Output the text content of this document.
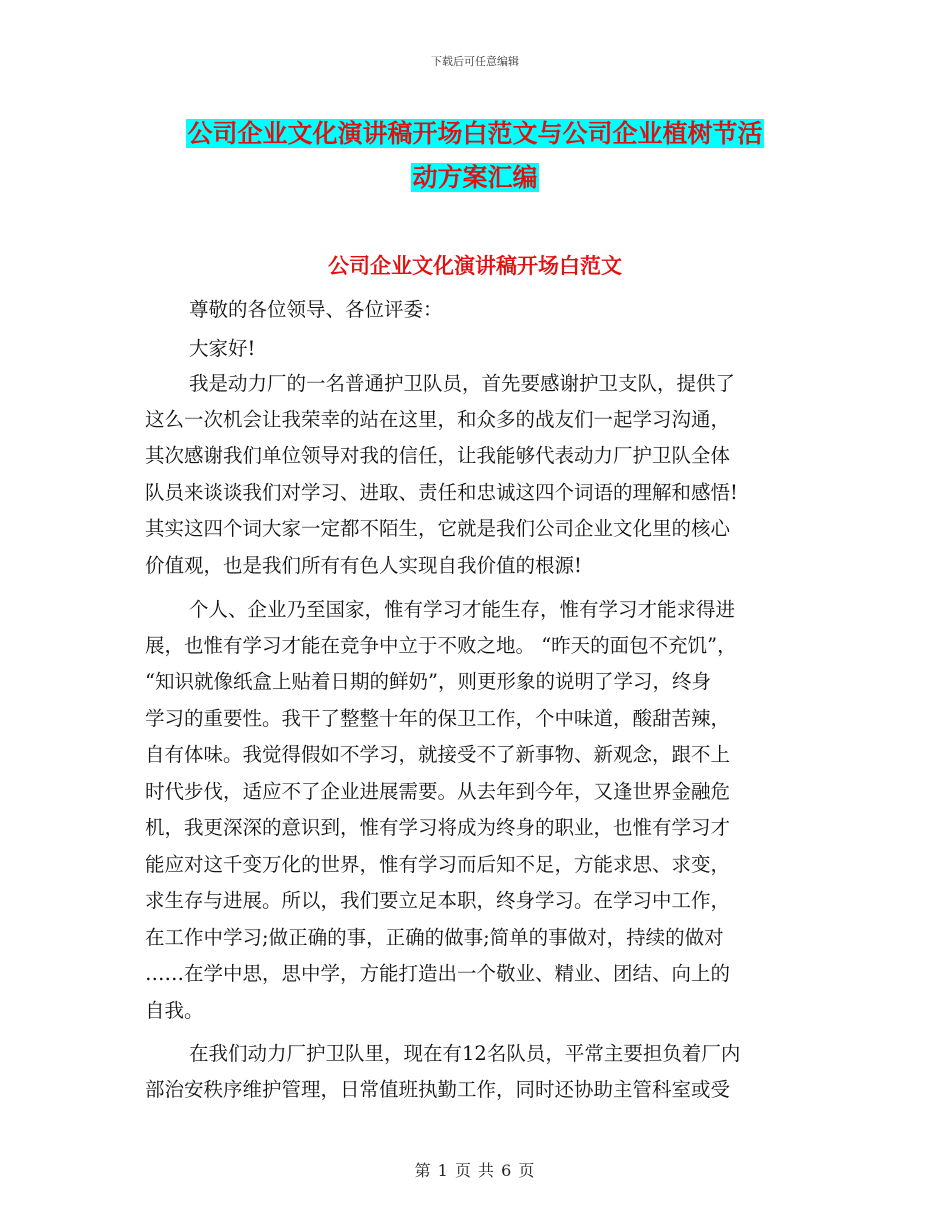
下载后可任意编辑
公司企业文化演讲稿开场白范文与公司企业植树节活
动方案汇编
公司企业文化演讲稿开场白范文
尊敬的各位领导、各位评委：
大家好!
我是动力厂的一名普通护卫队员，首先要感谢护卫支队，提供了
这么一次机会让我荣幸的站在这里，和众多的战友们一起学习沟通，
其次感谢我们单位领导对我的信任，让我能够代表动力厂护卫队全体
队员来谈谈我们对学习、进取、责任和忠诚这四个词语的理解和感悟!
其实这四个词大家一定都不陌生，它就是我们公司企业文化里的核心
价值观，也是我们所有有色人实现自我价值的根源!
个人、企业乃至国家，惟有学习才能生存，惟有学习才能求得进
展，也惟有学习才能在竞争中立于不败之地。 “昨天的面包不充饥”，
“知识就像纸盒上贴着日期的鲜奶”，则更形象的说明了学习，终身
学习的重要性。我干了整整十年的保卫工作，个中味道，酸甜苦辣，
自有体味。我觉得假如不学习，就接受不了新事物、新观念，跟不上
时代步伐，适应不了企业进展需要。从去年到今年，又逢世界金融危
机，我更深深的意识到，惟有学习将成为终身的职业，也惟有学习才
能应对这千变万化的世界，惟有学习而后知不足，方能求思、求变，
求生存与进展。所以，我们要立足本职，终身学习。在学习中工作，
在工作中学习;做正确的事，正确的做事;简单的事做对，持续的做对
……在学中思，思中学，方能打造出一个敬业、精业、团结、向上的
自我。
在我们动力厂护卫队里，现在有12名队员，平常主要担负着厂内
部治安秩序维护管理，日常值班执勤工作，同时还协助主管科室或受
第 1 页 共 6 页
